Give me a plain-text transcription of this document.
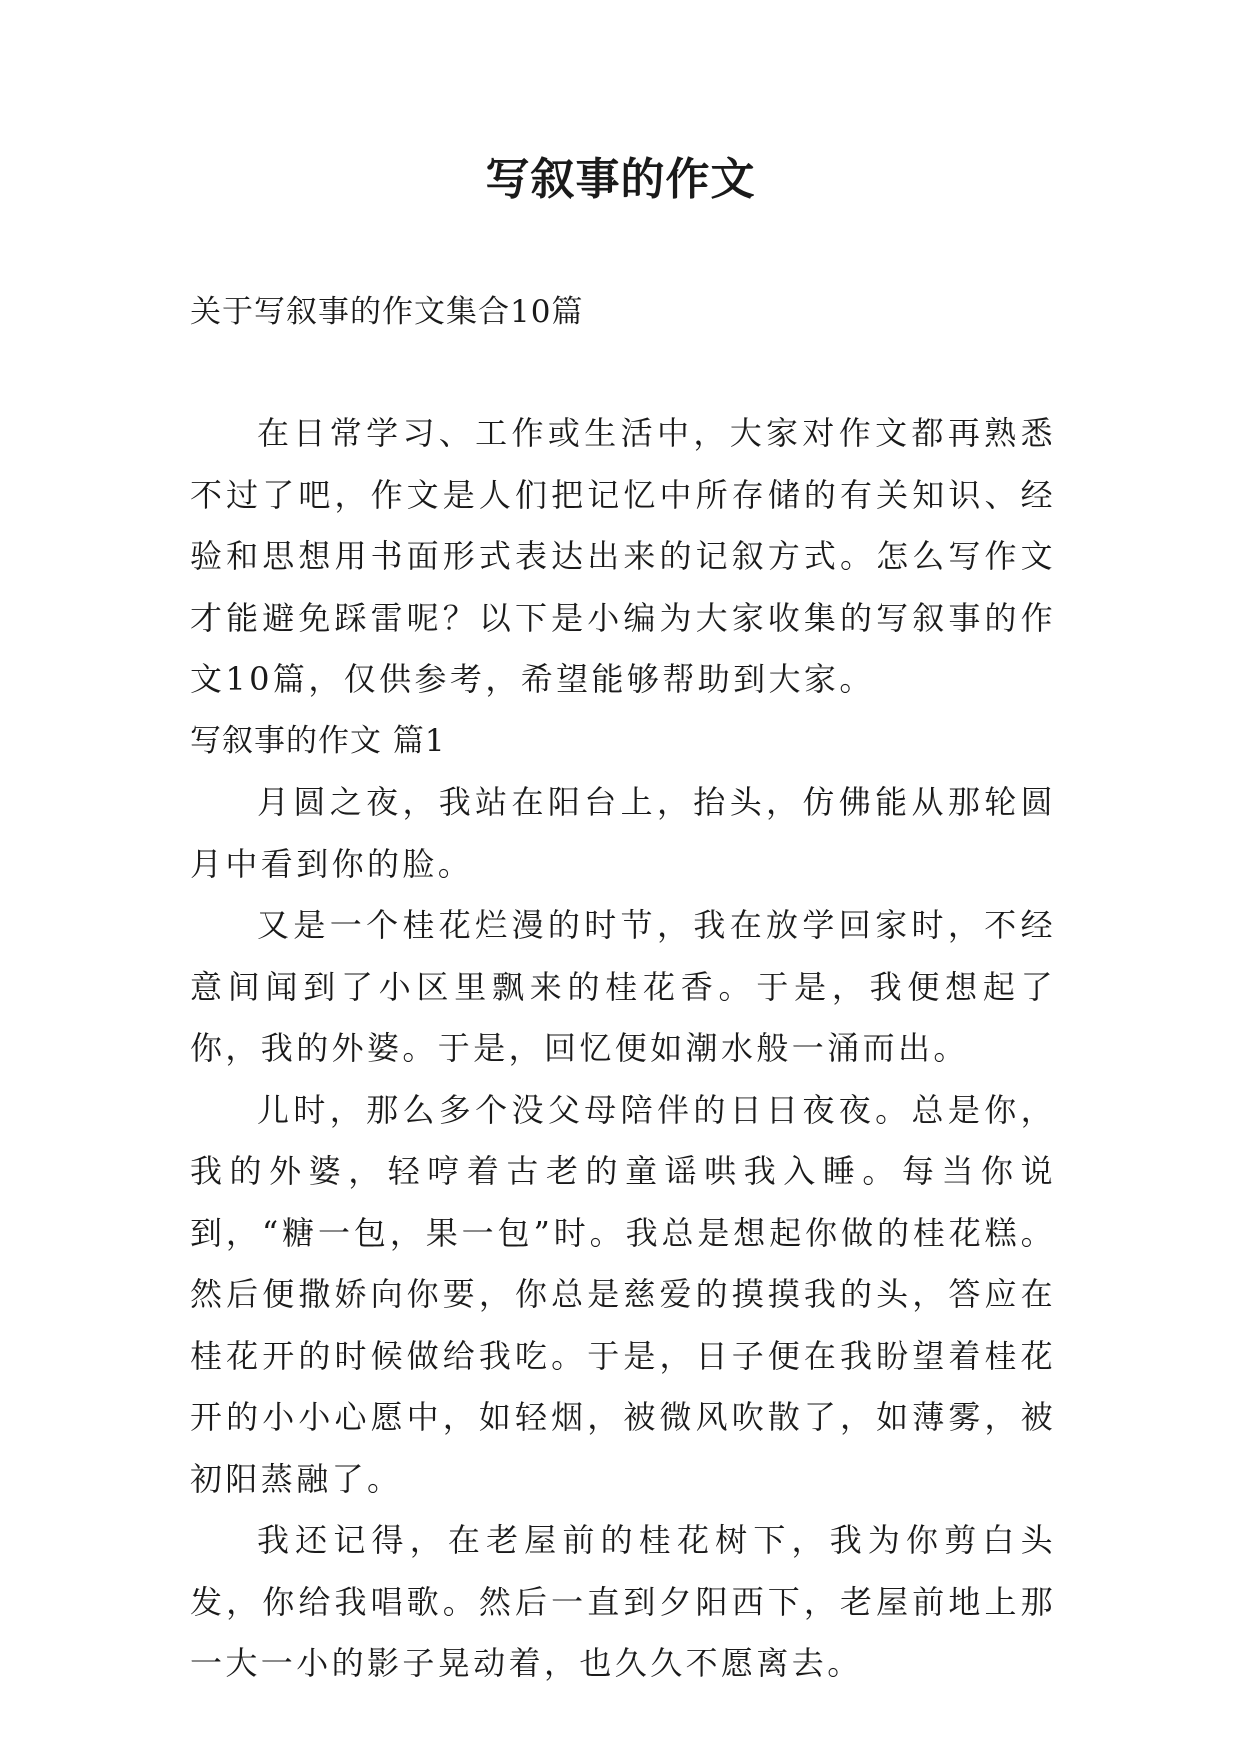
写叙事的作文
关于写叙事的作文集合10篇

在日常学习、工作或生活中，大家对作文都再熟悉不过了吧，作文是人们把记忆中所存储的有关知识、经验和思想用书面形式表达出来的记叙方式。怎么写作文才能避免踩雷呢？以下是小编为大家收集的写叙事的作文10篇，仅供参考，希望能够帮助到大家。

写叙事的作文 篇1

月圆之夜，我站在阳台上，抬头，仿佛能从那轮圆月中看到你的脸。

又是一个桂花烂漫的时节，我在放学回家时，不经意间闻到了小区里飘来的桂花香。于是，我便想起了你，我的外婆。于是，回忆便如潮水般一涌而出。

儿时，那么多个没父母陪伴的日日夜夜。总是你，我的外婆，轻哼着古老的童谣哄我入睡。每当你说到，“糖一包，果一包”时。我总是想起你做的桂花糕。然后便撒娇向你要，你总是慈爱的摸摸我的头，答应在桂花开的时候做给我吃。于是，日子便在我盼望着桂花开的小小心愿中，如轻烟，被微风吹散了，如薄雾，被初阳蒸融了。

我还记得，在老屋前的桂花树下，我为你剪白头发，你给我唱歌。然后一直到夕阳西下，老屋前地上那一大一小的影子晃动着，也久久不愿离去。
